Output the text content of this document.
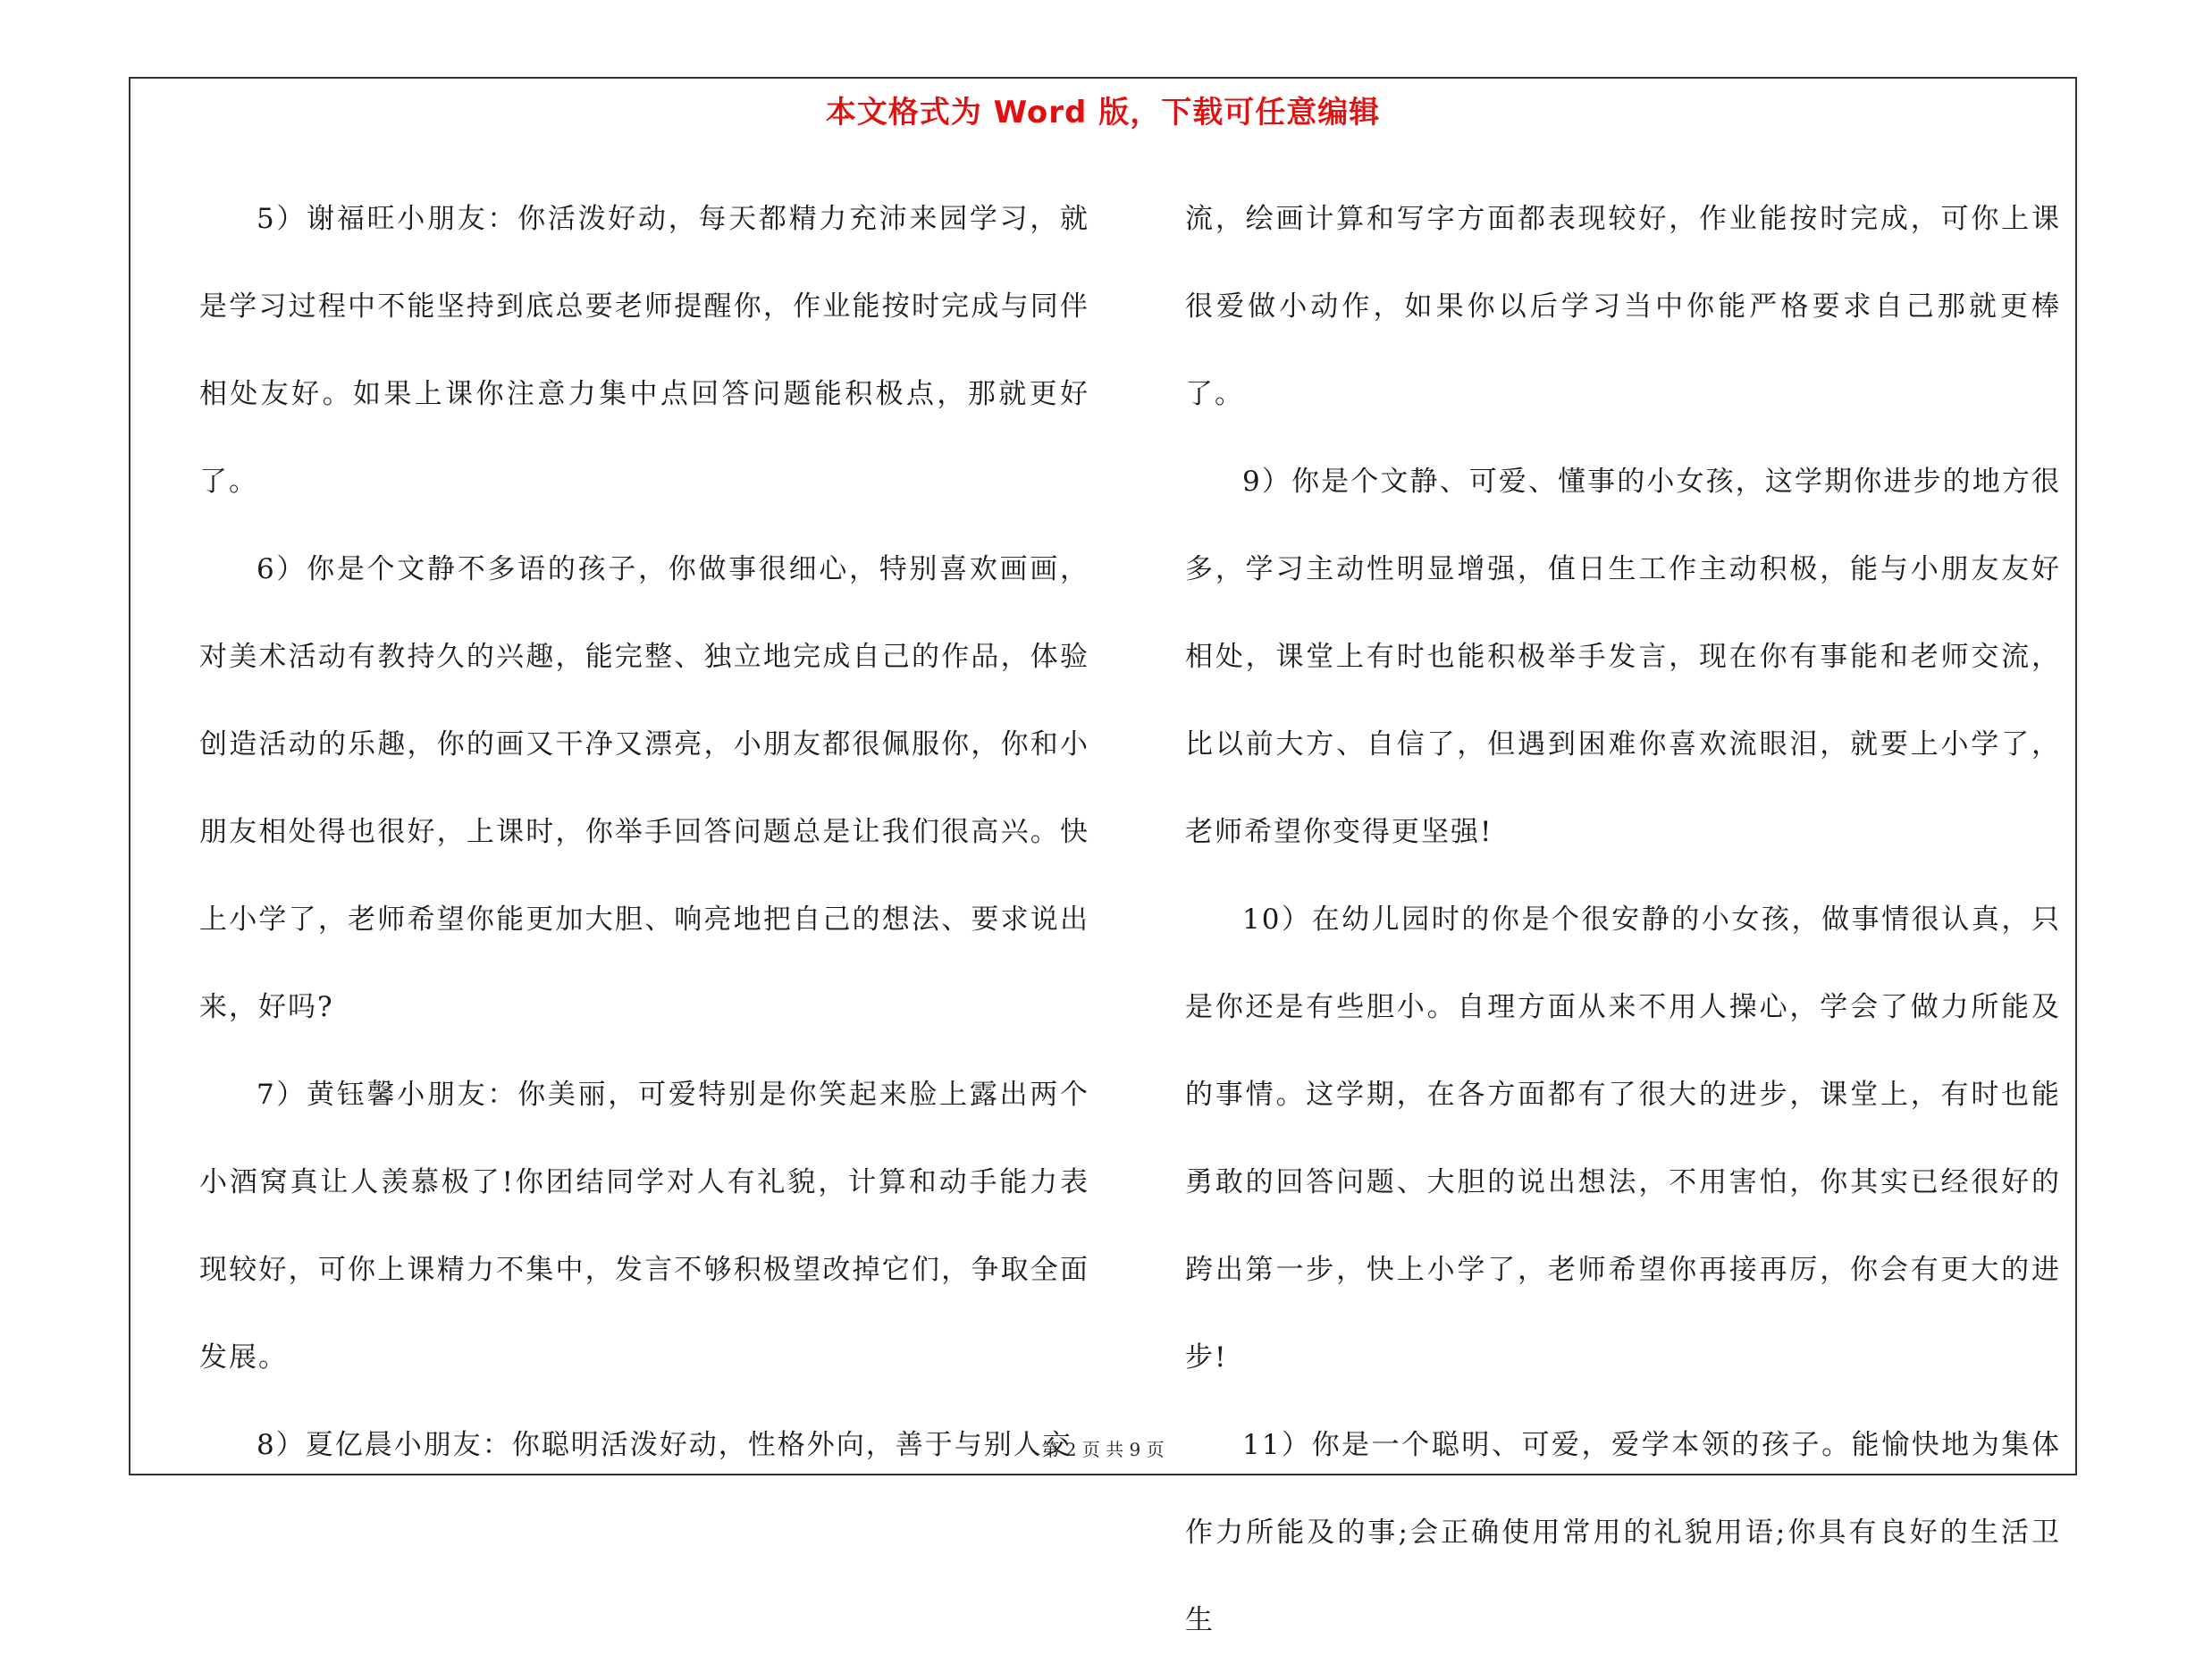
本文格式为 Word 版，下载可任意编辑

5）谢福旺小朋友：你活泼好动，每天都精力充沛来园学习，就是学习过程中不能坚持到底总要老师提醒你，作业能按时完成与同伴相处友好。如果上课你注意力集中点回答问题能积极点，那就更好了。

6）你是个文静不多语的孩子，你做事很细心，特别喜欢画画，对美术活动有教持久的兴趣，能完整、独立地完成自己的作品，体验创造活动的乐趣，你的画又干净又漂亮，小朋友都很佩服你，你和小朋友相处得也很好，上课时，你举手回答问题总是让我们很高兴。快上小学了，老师希望你能更加大胆、响亮地把自己的想法、要求说出来，好吗?

7）黄钰馨小朋友：你美丽，可爱特别是你笑起来脸上露出两个小酒窝真让人羡慕极了!你团结同学对人有礼貌，计算和动手能力表现较好，可你上课精力不集中，发言不够积极望改掉它们，争取全面发展。

8）夏亿晨小朋友：你聪明活泼好动，性格外向，善于与别人交

流，绘画计算和写字方面都表现较好，作业能按时完成，可你上课很爱做小动作，如果你以后学习当中你能严格要求自己那就更棒了。

9）你是个文静、可爱、懂事的小女孩，这学期你进步的地方很多，学习主动性明显增强，值日生工作主动积极，能与小朋友友好相处，课堂上有时也能积极举手发言，现在你有事能和老师交流，比以前大方、自信了，但遇到困难你喜欢流眼泪，就要上小学了，老师希望你变得更坚强!

10）在幼儿园时的你是个很安静的小女孩，做事情很认真，只是你还是有些胆小。自理方面从来不用人操心，学会了做力所能及的事情。这学期，在各方面都有了很大的进步，课堂上，有时也能勇敢的回答问题、大胆的说出想法，不用害怕，你其实已经很好的跨出第一步，快上小学了，老师希望你再接再厉，你会有更大的进步!

11）你是一个聪明、可爱，爱学本领的孩子。能愉快地为集体作力所能及的事;会正确使用常用的礼貌用语;你具有良好的生活卫生

第 2 页 共 9 页
